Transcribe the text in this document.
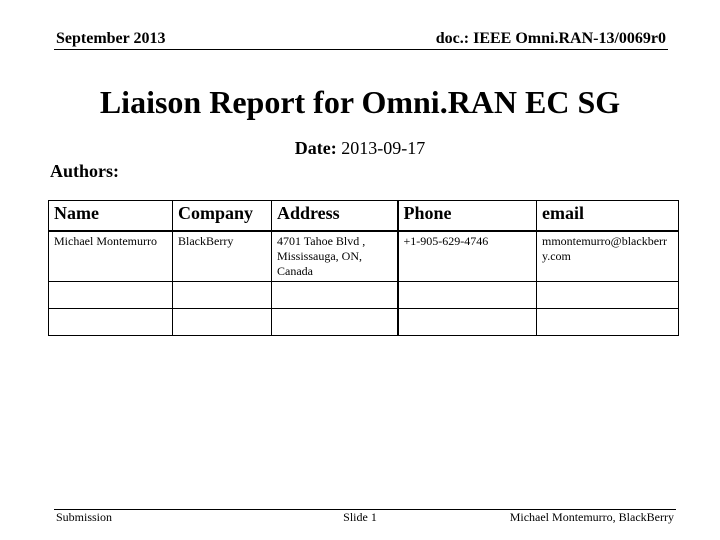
September 2013	doc.: IEEE Omni.RAN-13/0069r0
Liaison Report for Omni.RAN EC SG
Date: 2013-09-17
Authors:
Name	Company	Address	Phone	email
Michael Montemurro	BlackBerry	4701 Tahoe Blvd , Mississauga, ON, Canada	+1-905-629-4746	mmontemurro@blackberry.com

Submission	Slide 1	Michael Montemurro, BlackBerry
